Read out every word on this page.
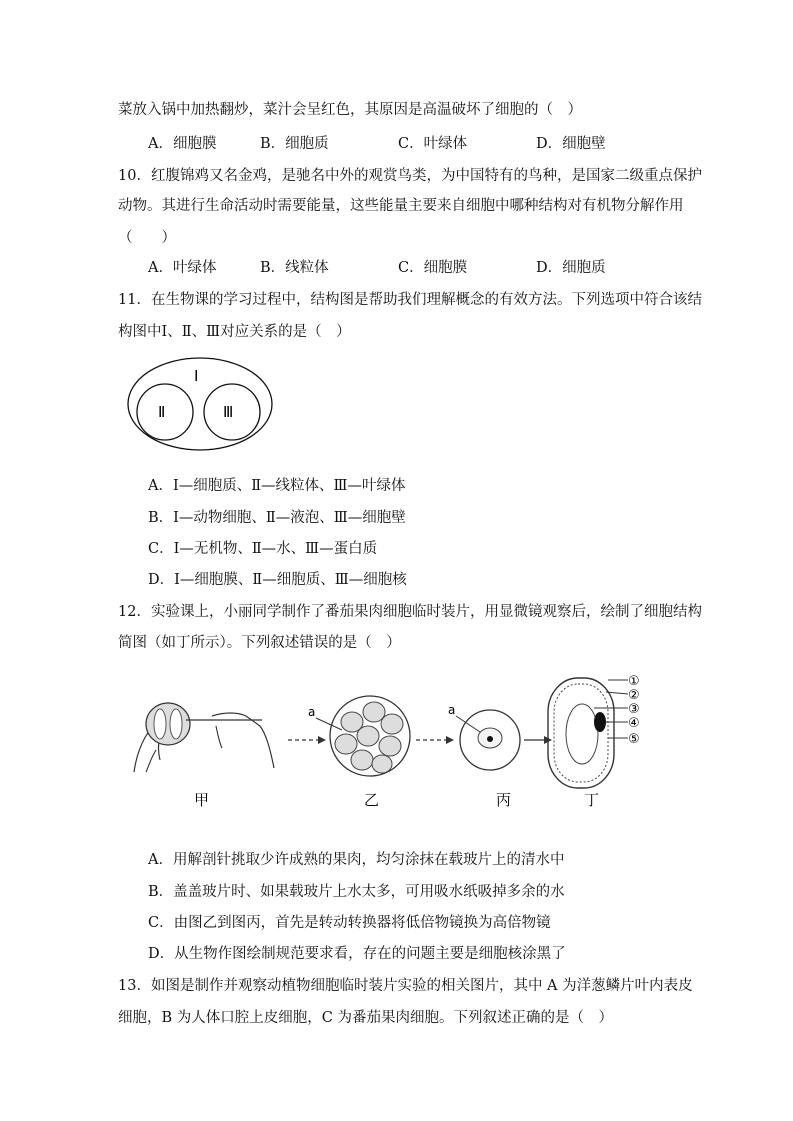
菜放入锅中加热翻炒，菜汁会呈红色，其原因是高温破坏了细胞的（　）
A．细胞膜	B．细胞质	C．叶绿体	D．细胞壁
10．红腹锦鸡又名金鸡，是驰名中外的观赏鸟类，为中国特有的鸟种，是国家二级重点保护
动物。其进行生命活动时需要能量，这些能量主要来自细胞中哪种结构对有机物分解作用
（　　）
A．叶绿体	B．线粒体	C．细胞膜	D．细胞质
11．在生物课的学习过程中，结构图是帮助我们理解概念的有效方法。下列选项中符合该结
构图中Ⅰ、Ⅱ、Ⅲ对应关系的是（　）
Ⅰ
Ⅱ	Ⅲ
A．Ⅰ—细胞质、Ⅱ—线粒体、Ⅲ—叶绿体
B．Ⅰ—动物细胞、Ⅱ—液泡、Ⅲ—细胞壁
C．Ⅰ—无机物、Ⅱ—水、Ⅲ—蛋白质
D．Ⅰ—细胞膜、Ⅱ—细胞质、Ⅲ—细胞核
12．实验课上，小丽同学制作了番茄果肉细胞临时装片，用显微镜观察后，绘制了细胞结构
简图（如丁所示）。下列叙述错误的是（　）
a	a
①
②
③
④
⑤
甲	乙	丙	丁
A．用解剖针挑取少许成熟的果肉，均匀涂抹在载玻片上的清水中
B．盖盖玻片时、如果载玻片上水太多，可用吸水纸吸掉多余的水
C．由图乙到图丙，首先是转动转换器将低倍物镜换为高倍物镜
D．从生物作图绘制规范要求看，存在的问题主要是细胞核涂黑了
13．如图是制作并观察动植物细胞临时装片实验的相关图片，其中 A 为洋葱鳞片叶内表皮
细胞，B 为人体口腔上皮细胞，C 为番茄果肉细胞。下列叙述正确的是（　）
